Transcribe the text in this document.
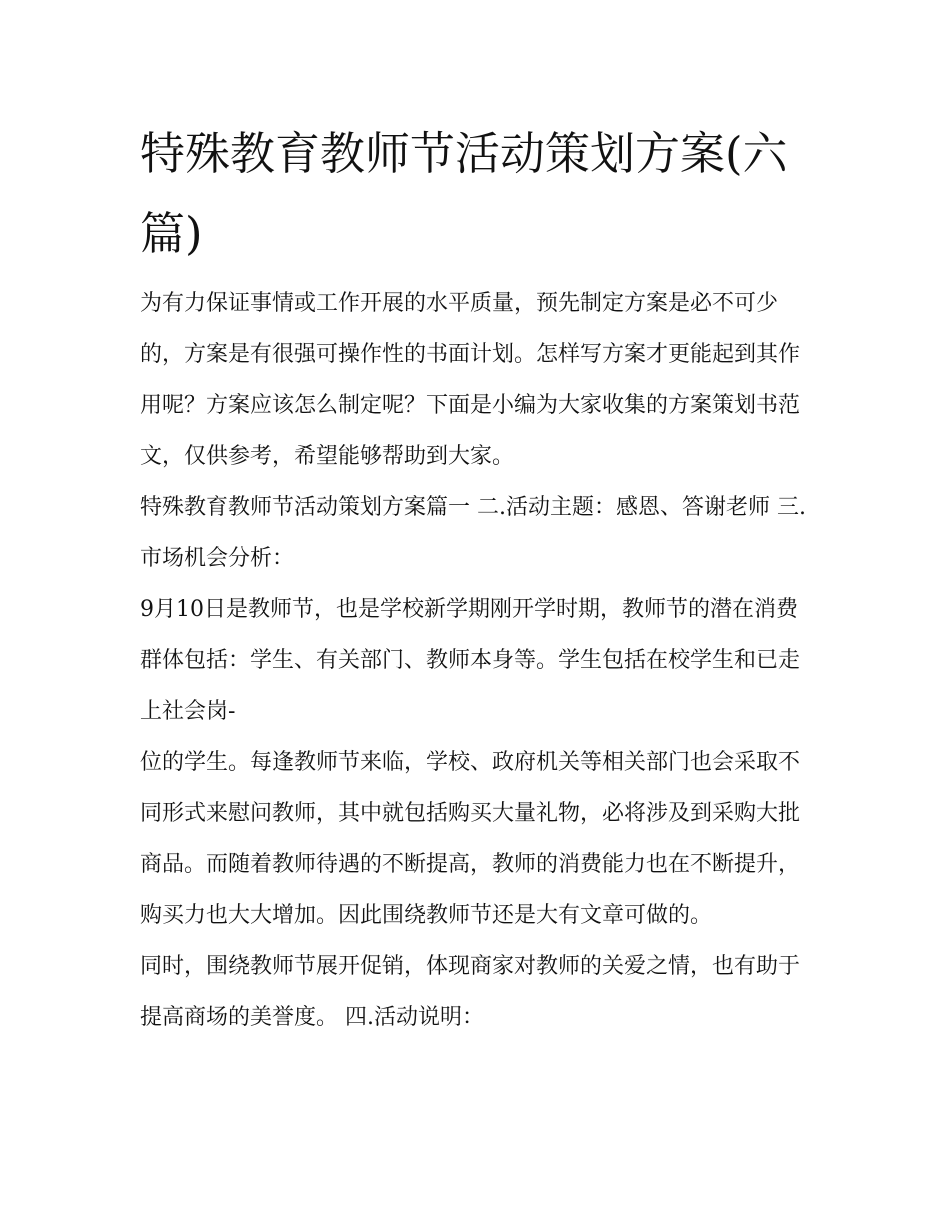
特殊教育教师节活动策划方案(六篇)

为有力保证事情或工作开展的水平质量，预先制定方案是必不可少的，方案是有很强可操作性的书面计划。怎样写方案才更能起到其作用呢？方案应该怎么制定呢？下面是小编为大家收集的方案策划书范文，仅供参考，希望能够帮助到大家。

特殊教育教师节活动策划方案篇一 二.活动主题：感恩、答谢老师 三.市场机会分析：

9月10日是教师节，也是学校新学期刚开学时期，教师节的潜在消费群体包括：学生、有关部门、教师本身等。学生包括在校学生和已走上社会岗-

位的学生。每逢教师节来临，学校、政府机关等相关部门也会采取不同形式来慰问教师，其中就包括购买大量礼物，必将涉及到采购大批商品。而随着教师待遇的不断提高，教师的消费能力也在不断提升，购买力也大大增加。因此围绕教师节还是大有文章可做的。

同时，围绕教师节展开促销，体现商家对教师的关爱之情，也有助于提高商场的美誉度。 四.活动说明：
